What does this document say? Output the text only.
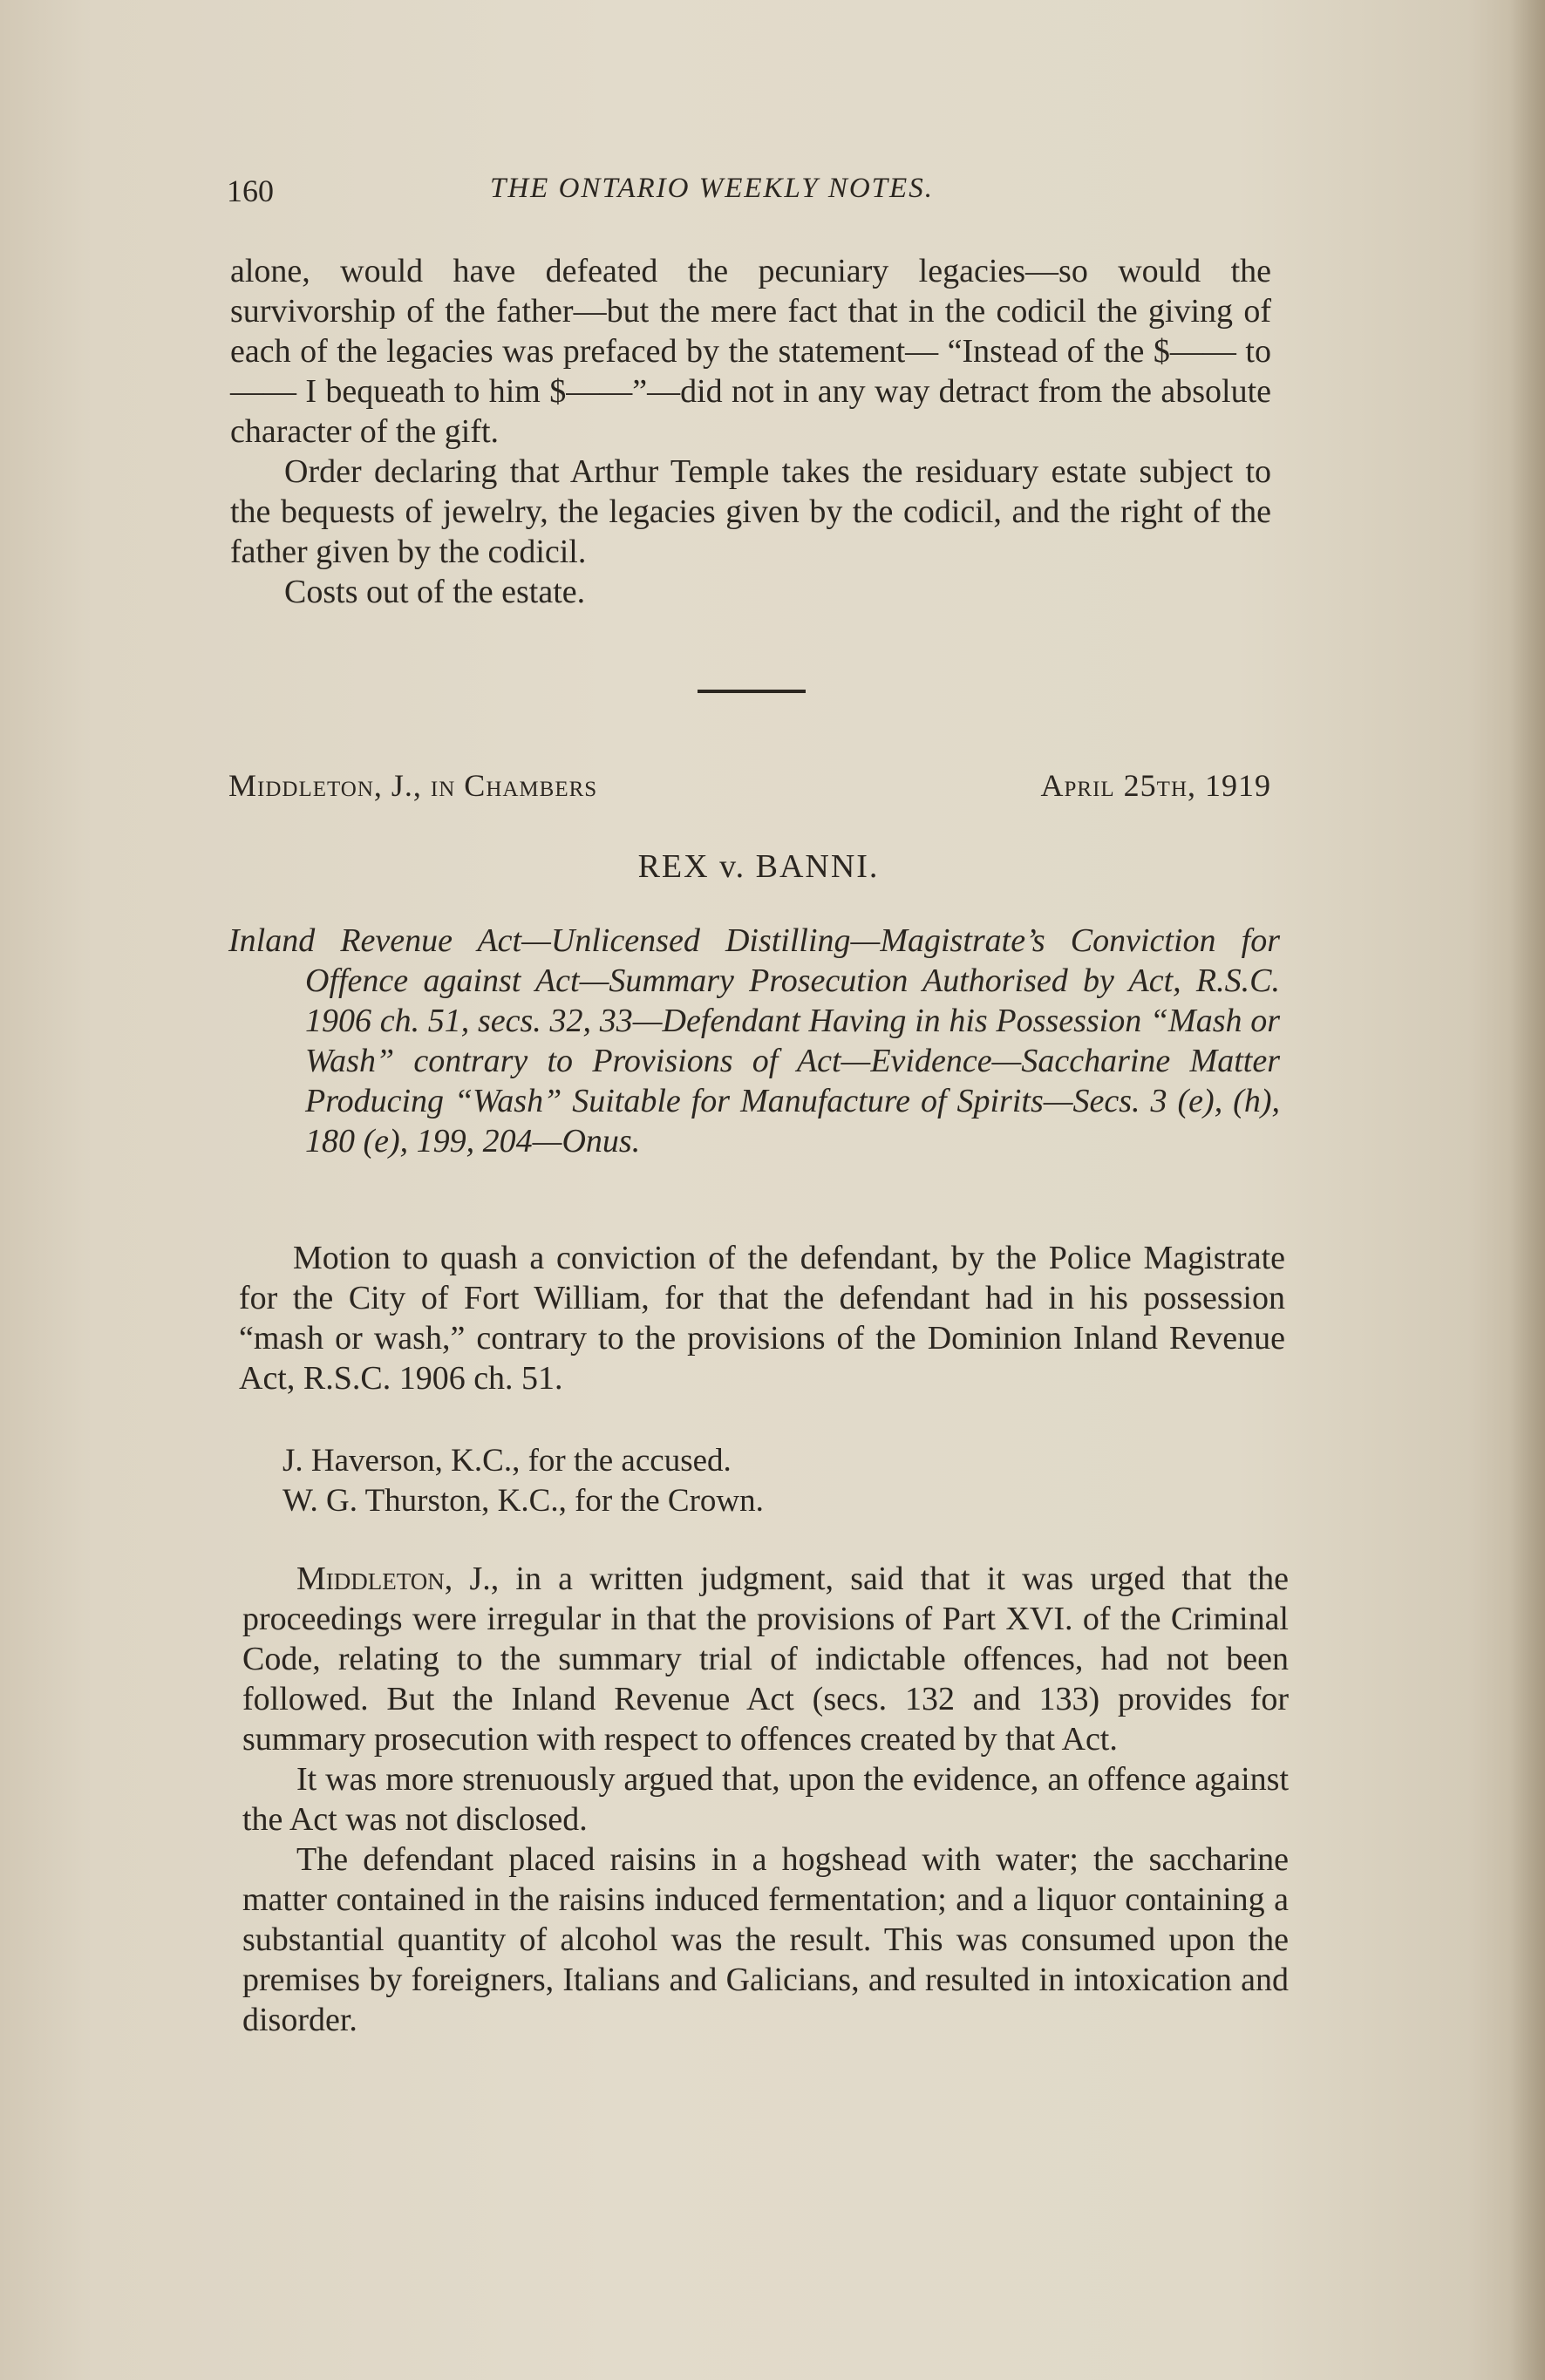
160	THE ONTARIO WEEKLY NOTES.

alone, would have defeated the pecuniary legacies—so would the survivorship of the father—but the mere fact that in the codicil the giving of each of the legacies was prefaced by the statement— “Instead of the $—— to —— I bequeath to him $——”—did not in any way detract from the absolute character of the gift.

Order declaring that Arthur Temple takes the residuary estate subject to the bequests of jewelry, the legacies given by the codicil, and the right of the father given by the codicil.

Costs out of the estate.

Middleton, J., in Chambers	April 25th, 1919
REX v. BANNI.
Inland Revenue Act—Unlicensed Distilling—Magistrate’s Conviction for Offence against Act—Summary Prosecution Authorised by Act, R.S.C. 1906 ch. 51, secs. 32, 33—Defendant Having in his Possession “Mash or Wash” contrary to Provisions of Act—Evidence—Saccharine Matter Producing “Wash” Suitable for Manufacture of Spirits—Secs. 3 (e), (h), 180 (e), 199, 204—Onus.

Motion to quash a conviction of the defendant, by the Police Magistrate for the City of Fort William, for that the defendant had in his possession “mash or wash,” contrary to the provisions of the Dominion Inland Revenue Act, R.S.C. 1906 ch. 51.

J. Haverson, K.C., for the accused.
W. G. Thurston, K.C., for the Crown.

Middleton, J., in a written judgment, said that it was urged that the proceedings were irregular in that the provisions of Part XVI. of the Criminal Code, relating to the summary trial of indictable offences, had not been followed. But the Inland Revenue Act (secs. 132 and 133) provides for summary prosecution with respect to offences created by that Act.

It was more strenuously argued that, upon the evidence, an offence against the Act was not disclosed.

The defendant placed raisins in a hogshead with water; the saccharine matter contained in the raisins induced fermentation; and a liquor containing a substantial quantity of alcohol was the result. This was consumed upon the premises by foreigners, Italians and Galicians, and resulted in intoxication and disorder.
